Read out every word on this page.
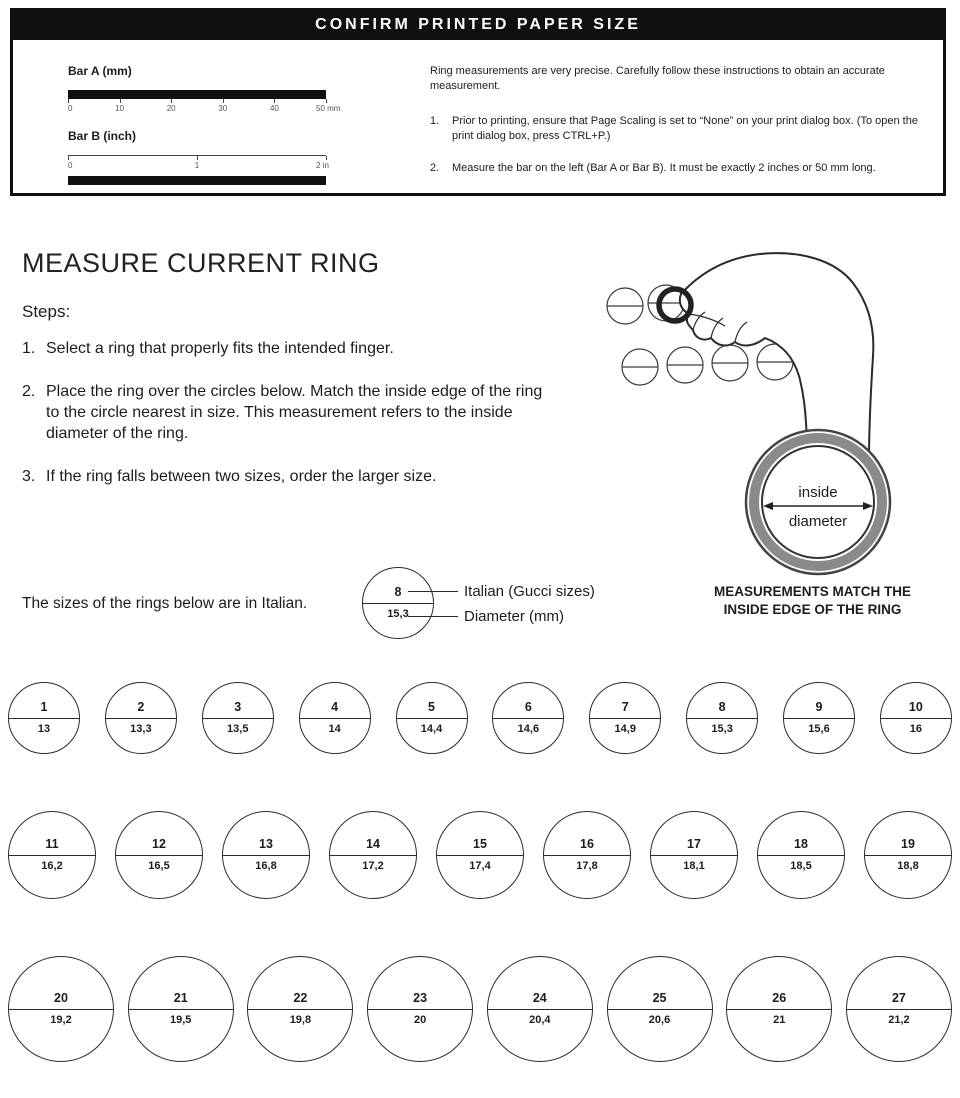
CONFIRM PRINTED PAPER SIZE
Bar A (mm)
0	10	20	30	40	50 mm
Bar B (inch)
0	1	2 in
Ring measurements are very precise. Carefully follow these instructions to obtain an accurate measurement.
1.	Prior to printing, ensure that Page Scaling is set to “None” on your print dialog box. (To open the print dialog box, press CTRL+P.)
2.	Measure the bar on the left (Bar A or Bar B). It must be exactly 2 inches or 50 mm long.
MEASURE CURRENT RING
Steps:
1. Select a ring that properly fits the intended finger.
2. Place the ring over the circles below. Match the inside edge of the ring to the circle nearest in size. This measurement refers to the inside diameter of the ring.
3. If the ring falls between two sizes, order the larger size.
inside
diameter
MEASUREMENTS MATCH THE INSIDE EDGE OF THE RING
The sizes of the rings below are in Italian.
8
15,3
Italian (Gucci sizes)
Diameter (mm)
1
13
2
13,3
3
13,5
4
14
5
14,4
6
14,6
7
14,9
8
15,3
9
15,6
10
16
11
16,2
12
16,5
13
16,8
14
17,2
15
17,4
16
17,8
17
18,1
18
18,5
19
18,8
20
19,2
21
19,5
22
19,8
23
20
24
20,4
25
20,6
26
21
27
21,2
